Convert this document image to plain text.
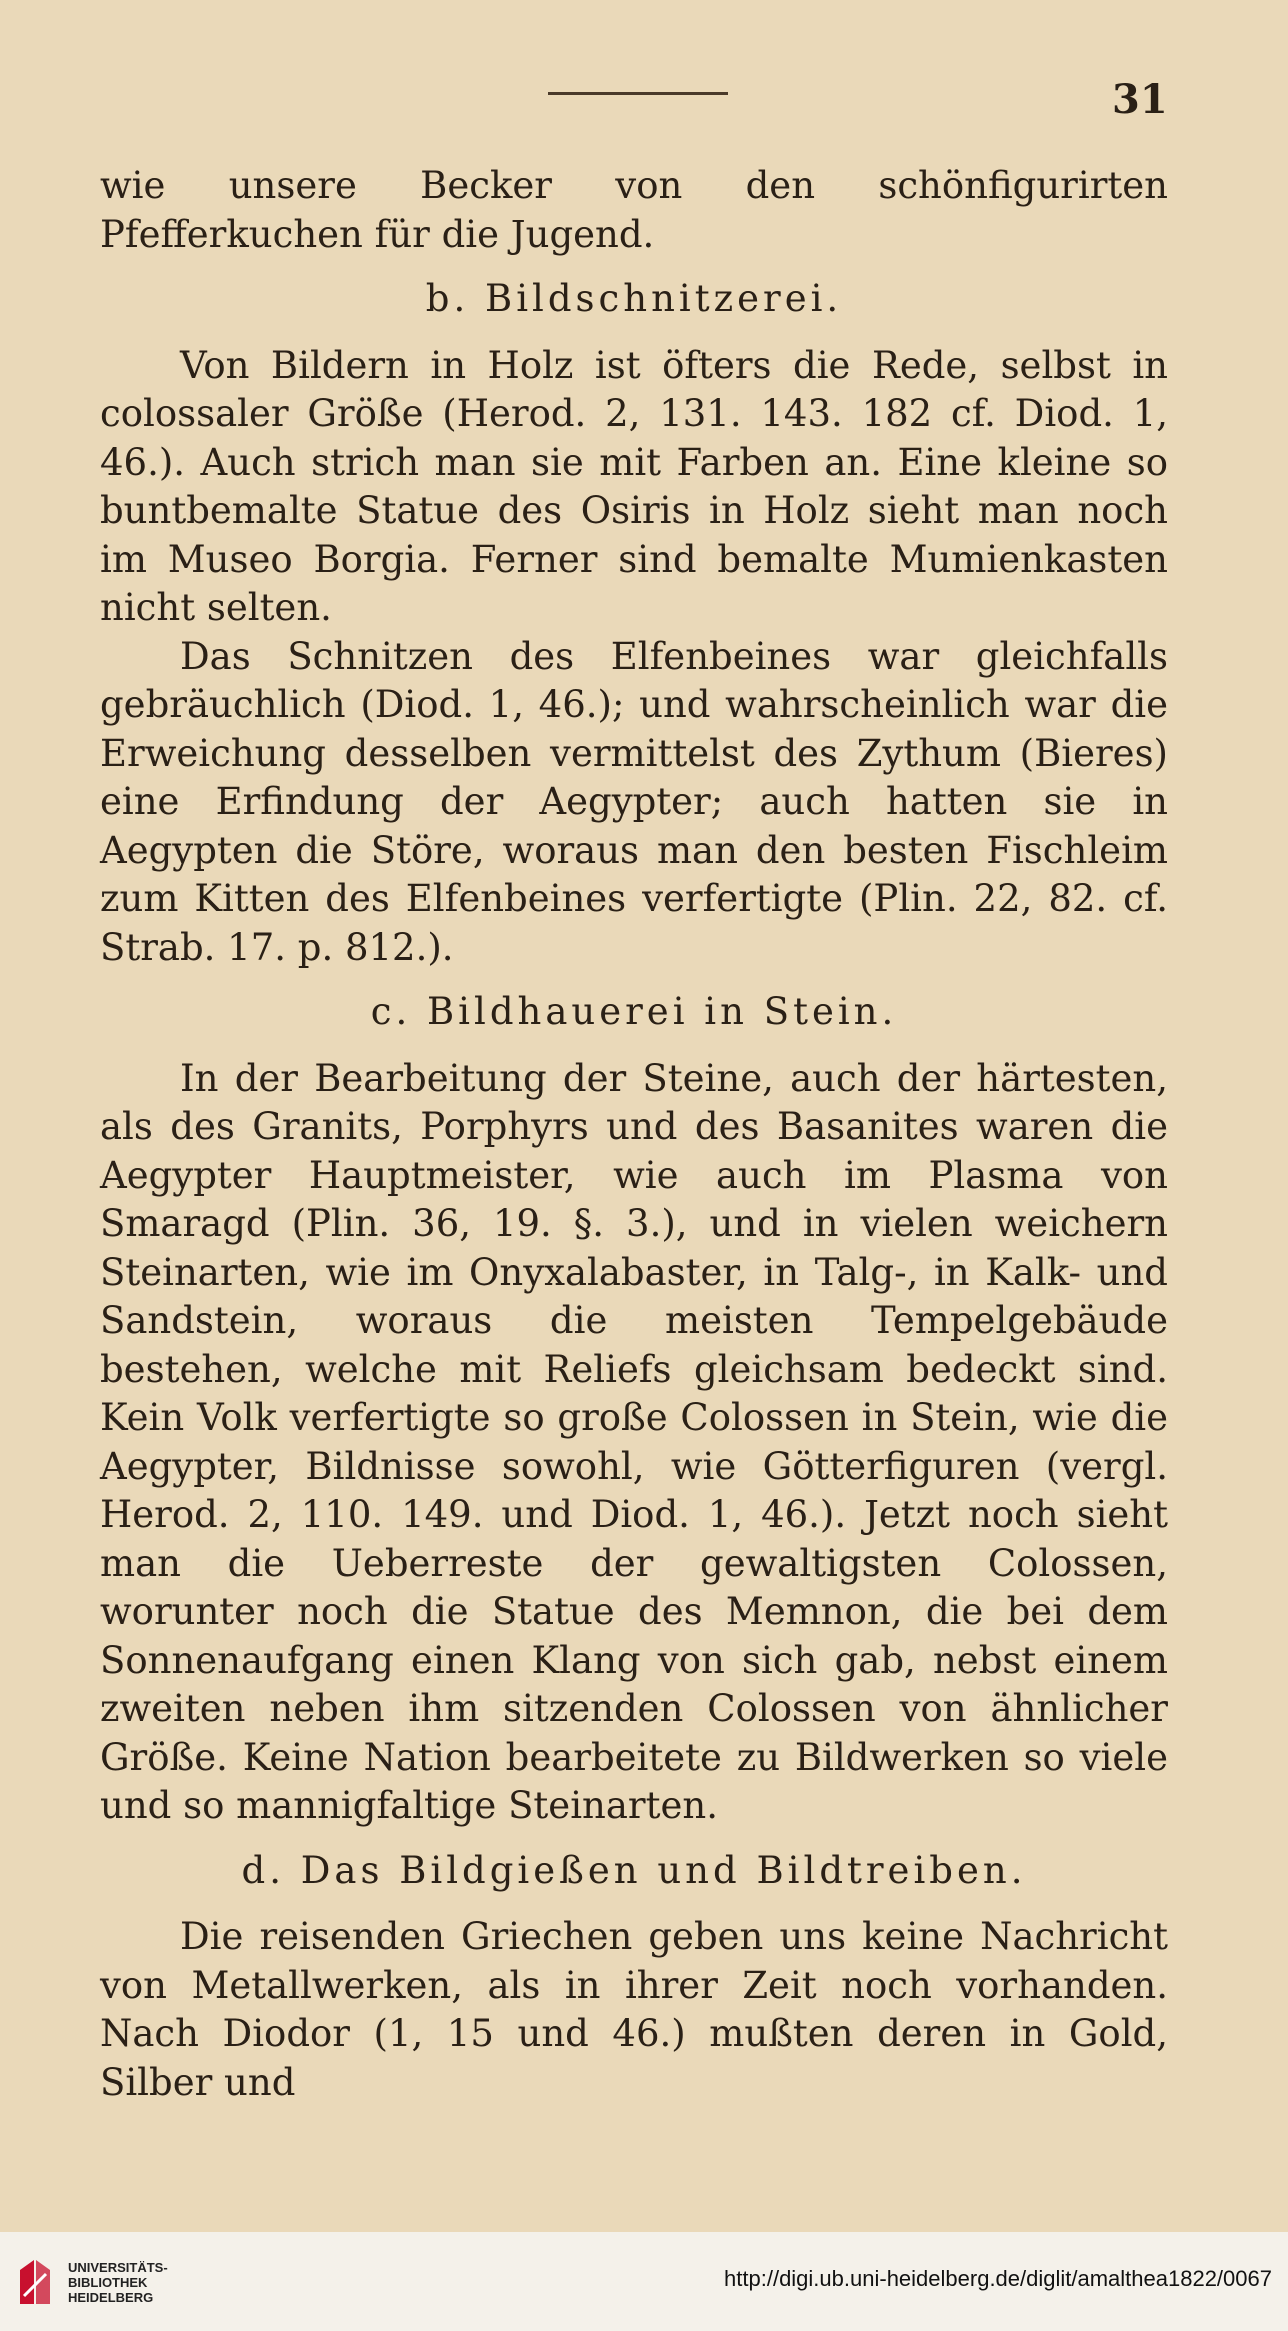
31

wie unsere Becker von den schönfigurirten Pfefferkuchen für die Jugend.

b. Bildschnitzerei.

Von Bildern in Holz ist öfters die Rede, selbst in colossaler Größe (Herod. 2, 131. 143. 182 cf. Diod. 1, 46.). Auch strich man sie mit Farben an. Eine kleine so buntbemalte Statue des Osiris in Holz sieht man noch im Museo Borgia. Ferner sind bemalte Mumienkasten nicht selten.

Das Schnitzen des Elfenbeines war gleichfalls gebräuchlich (Diod. 1, 46.); und wahrscheinlich war die Erweichung desselben vermittelst des Zythum (Bieres) eine Erfindung der Aegypter; auch hatten sie in Aegypten die Störe, woraus man den besten Fischleim zum Kitten des Elfenbeines verfertigte (Plin. 22, 82. cf. Strab. 17. p. 812.).

c. Bildhauerei in Stein.

In der Bearbeitung der Steine, auch der härtesten, als des Granits, Porphyrs und des Basanites waren die Aegypter Hauptmeister, wie auch im Plasma von Smaragd (Plin. 36, 19. §. 3.), und in vielen weichern Steinarten, wie im Onyxalabaster, in Talg-, in Kalk- und Sandstein, woraus die meisten Tempelgebäude bestehen, welche mit Reliefs gleichsam bedeckt sind. Kein Volk verfertigte so große Colossen in Stein, wie die Aegypter, Bildnisse sowohl, wie Götterfiguren (vergl. Herod. 2, 110. 149. und Diod. 1, 46.). Jetzt noch sieht man die Ueberreste der gewaltigsten Colossen, worunter noch die Statue des Memnon, die bei dem Sonnenaufgang einen Klang von sich gab, nebst einem zweiten neben ihm sitzenden Colossen von ähnlicher Größe. Keine Nation bearbeitete zu Bildwerken so viele und so mannigfaltige Steinarten.

d. Das Bildgießen und Bildtreiben.

Die reisenden Griechen geben uns keine Nachricht von Metallwerken, als in ihrer Zeit noch vorhanden. Nach Diodor (1, 15 und 46.) mußten deren in Gold, Silber und

UNIVERSITÄTS-
BIBLIOTHEK
HEIDELBERG
http://digi.ub.uni-heidelberg.de/diglit/amalthea1822/0067
